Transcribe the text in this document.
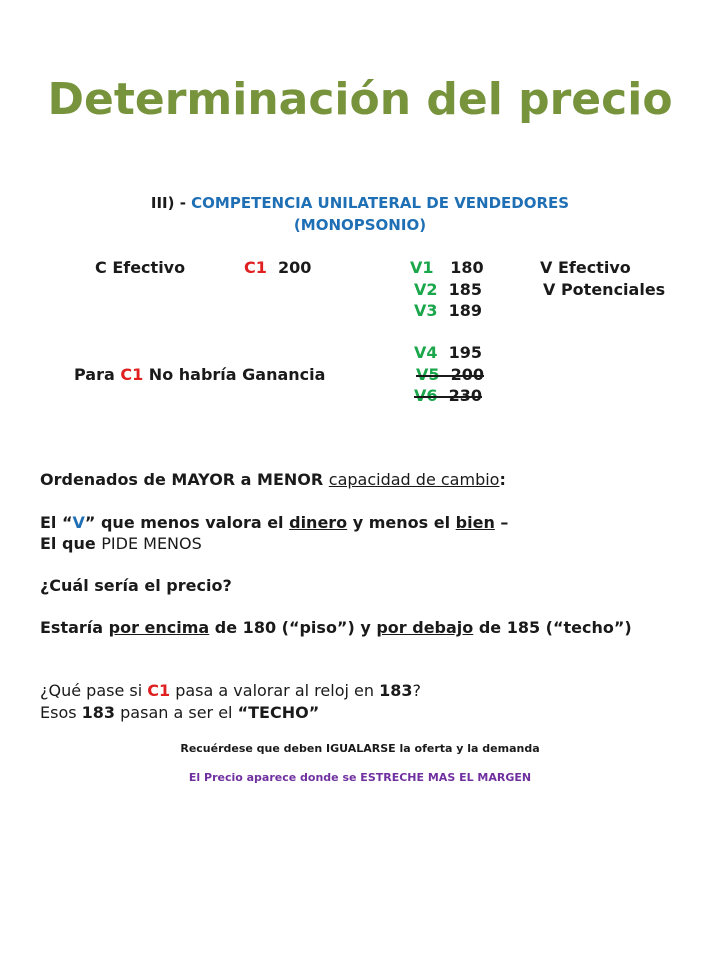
Determinación del precio
III) - COMPETENCIA UNILATERAL DE VENDEDORES
(MONOPSONIO)
C Efectivo	C1 200	V1 180	V Efectivo
V2 185	V Potenciales
V3 189
V4 195
Para C1 No habría Ganancia	V5 200
V6 230
Ordenados de MAYOR a MENOR capacidad de cambio:
El “V” que menos valora el dinero y menos el bien –
El que PIDE MENOS
¿Cuál sería el precio?
Estaría por encima de 180 (“piso”) y por debajo de 185 (“techo”)
¿Qué pase si C1 pasa a valorar al reloj en 183?
Esos 183 pasan a ser el “TECHO”
Recuérdese que deben IGUALARSE la oferta y la demanda
El Precio aparece donde se ESTRECHE MAS EL MARGEN
